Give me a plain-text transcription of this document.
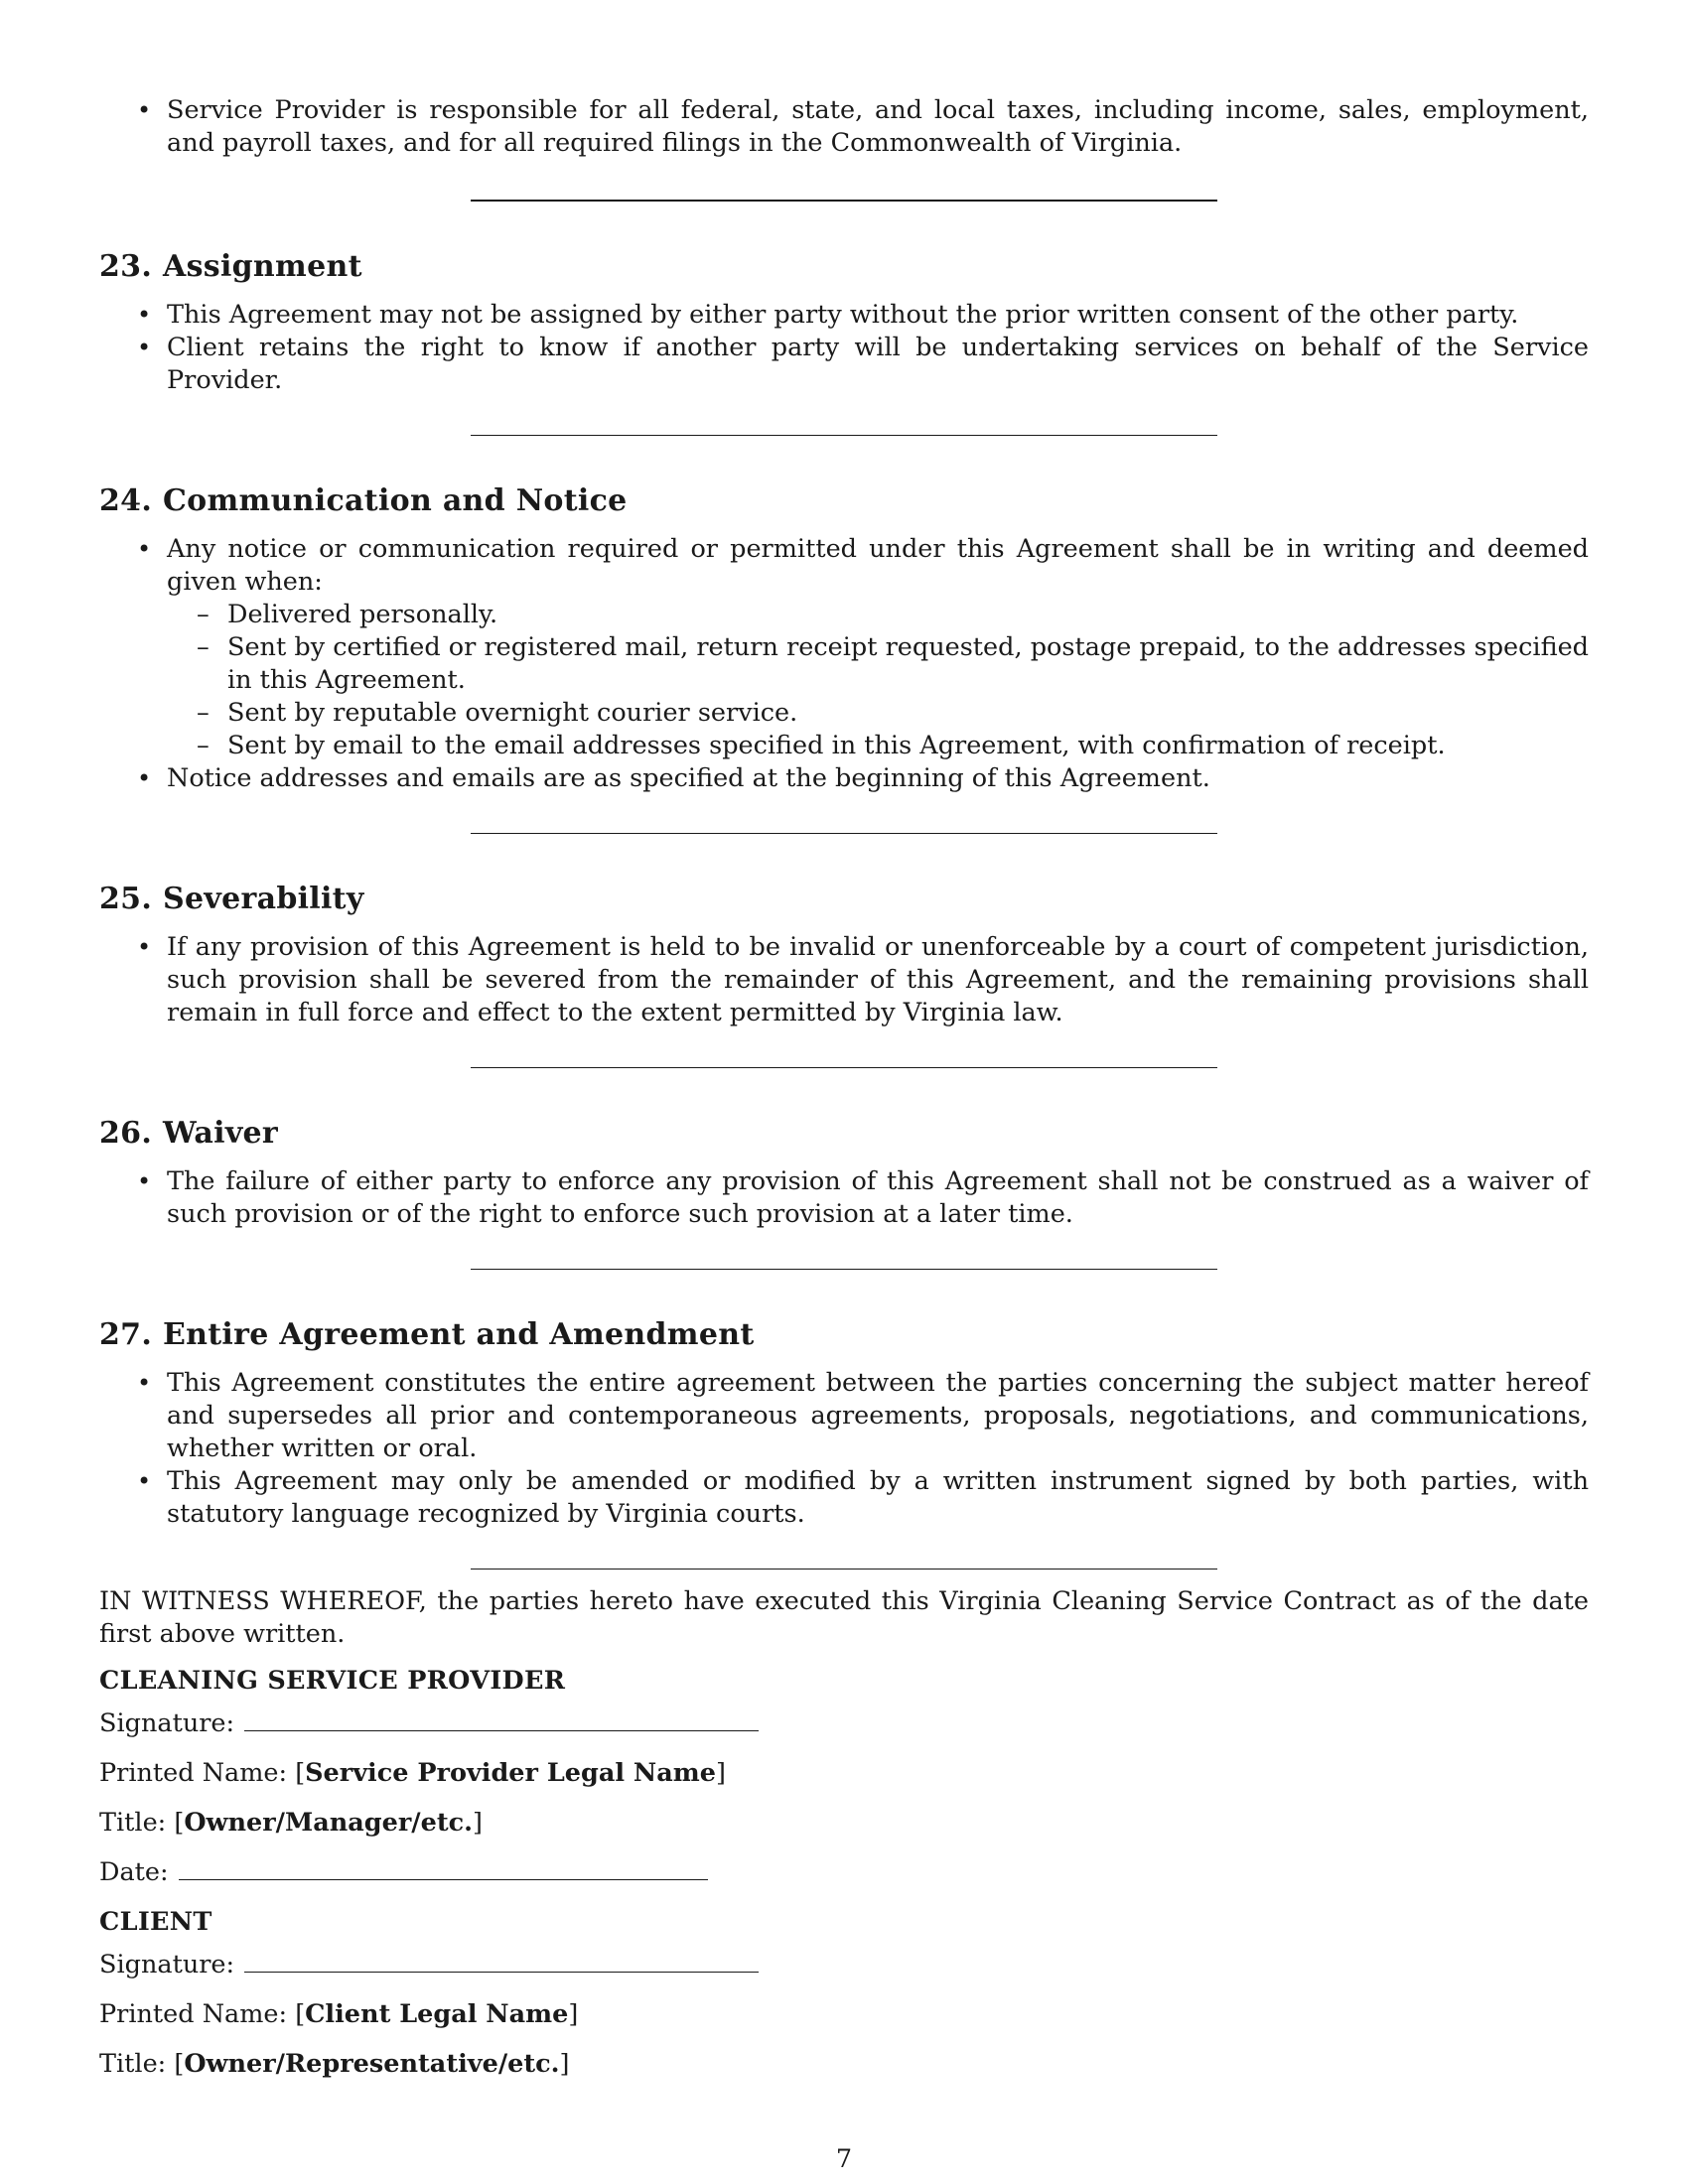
• Service Provider is responsible for all federal, state, and local taxes, including income, sales, employment, and payroll taxes, and for all required filings in the Commonwealth of Virginia.
23. Assignment
• This Agreement may not be assigned by either party without the prior written consent of the other party.
• Client retains the right to know if another party will be undertaking services on behalf of the Service Provider.
24. Communication and Notice
• Any notice or communication required or permitted under this Agreement shall be in writing and deemed given when:
– Delivered personally.
– Sent by certified or registered mail, return receipt requested, postage prepaid, to the addresses specified in this Agreement.
– Sent by reputable overnight courier service.
– Sent by email to the email addresses specified in this Agreement, with confirmation of receipt.
• Notice addresses and emails are as specified at the beginning of this Agreement.
25. Severability
• If any provision of this Agreement is held to be invalid or unenforceable by a court of competent jurisdiction, such provision shall be severed from the remainder of this Agreement, and the remaining provisions shall remain in full force and effect to the extent permitted by Virginia law.
26. Waiver
• The failure of either party to enforce any provision of this Agreement shall not be construed as a waiver of such provision or of the right to enforce such provision at a later time.
27. Entire Agreement and Amendment
• This Agreement constitutes the entire agreement between the parties concerning the subject matter hereof and supersedes all prior and contemporaneous agreements, proposals, negotiations, and communications, whether written or oral.
• This Agreement may only be amended or modified by a written instrument signed by both parties, with statutory language recognized by Virginia courts.

IN WITNESS WHEREOF, the parties hereto have executed this Virginia Cleaning Service Contract as of the date first above written.

CLEANING SERVICE PROVIDER
Signature:
Printed Name: [Service Provider Legal Name]
Title: [Owner/Manager/etc.]
Date:
CLIENT
Signature:
Printed Name: [Client Legal Name]
Title: [Owner/Representative/etc.]
7
